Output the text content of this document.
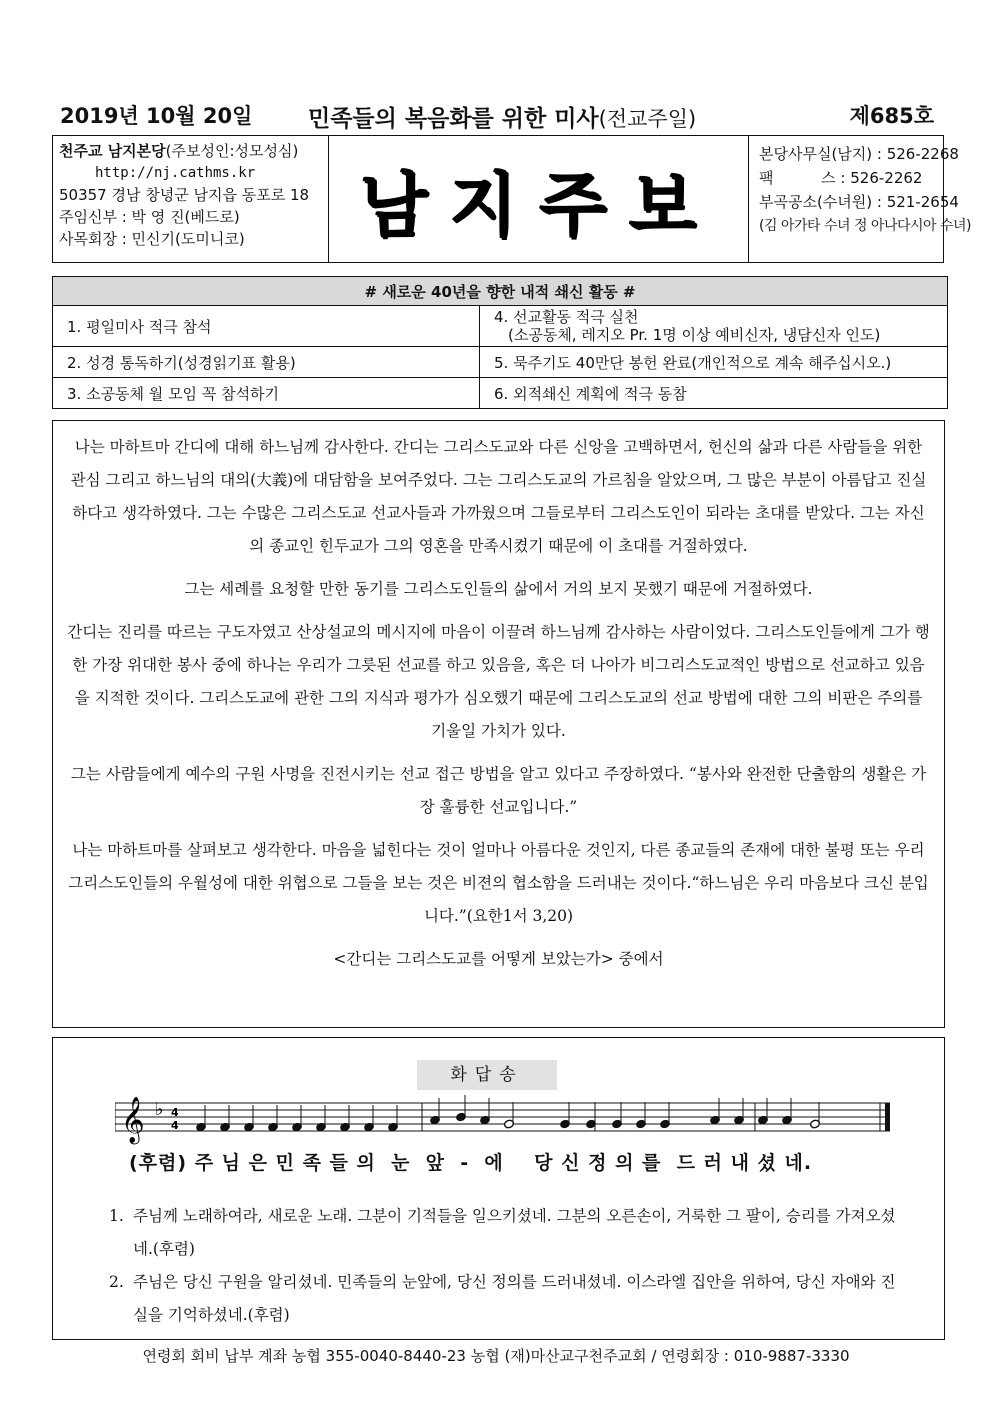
2019년 10월 20일 민족들의 복음화를 위한 미사(전교주일)	제685호
천주교 남지본당(주보성인:성모성심)
http://nj.cathms.kr
50357 경남 창녕군 남지읍 동포로 18
주임신부 : 박 영 진(베드로)
사목회장 : 민신기(도미니코)	남지주보
본당사무실(남지) : 526-2268
팩          스 : 526-2262
부곡공소(수녀원) : 521-2654
(김 아가타 수녀 정 아나다시아 수녀)
# 새로운 40년을 향한 내적 쇄신 활동 #	
1. 평일미사 적극 참석	4. 선교활동 적극 실천
(소공동체, 레지오 Pr. 1명 이상 예비신자, 냉담신자 인도)

2. 성경 통독하기(성경읽기표 활용)	5. 묵주기도 40만단 봉헌 완료(개인적으로 계속 해주십시오.)
3. 소공동체 월 모임 꼭 참석하기	6. 외적쇄신 계획에 적극 동참

나는 마하트마 간디에 대해 하느님께 감사한다. 간디는 그리스도교와 다른 신앙을 고백하면서, 헌신의 삶과 다른 사람들을 위한 관심 그리고 하느님의 대의(大義)에 대담함을 보여주었다. 그는 그리스도교의 가르침을 알았으며, 그 많은 부분이 아름답고 진실하다고 생각하였다. 그는 수많은 그리스도교 선교사들과 가까웠으며 그들로부터 그리스도인이 되라는 초대를 받았다. 그는 자신의 종교인 힌두교가 그의 영혼을 만족시켰기 때문에 이 초대를 거절하였다.

그는 세례를 요청할 만한 동기를 그리스도인들의 삶에서 거의 보지 못했기 때문에 거절하였다.

간디는 진리를 따르는 구도자였고 산상설교의 메시지에 마음이 이끌려 하느님께 감사하는 사람이었다. 그리스도인들에게 그가 행한 가장 위대한 봉사 중에 하나는 우리가 그릇된 선교를 하고 있음을, 혹은 더 나아가 비그리스도교적인 방법으로 선교하고 있음을 지적한 것이다. 그리스도교에 관한 그의 지식과 평가가 심오했기 때문에 그리스도교의 선교 방법에 대한 그의 비판은 주의를 기울일 가치가 있다.

그는 사람들에게 예수의 구원 사명을 진전시키는 선교 접근 방법을 알고 있다고 주장하였다. “봉사와 완전한 단출함의 생활은 가장 훌륭한 선교입니다.”

나는 마하트마를 살펴보고 생각한다. 마음을 넓힌다는 것이 얼마나 아름다운 것인지, 다른 종교들의 존재에 대한 불평 또는 우리 그리스도인들의 우월성에 대한 위협으로 그들을 보는 것은 비젼의 협소함을 드러내는 것이다.“하느님은 우리 마음보다 크신 분입니다.”(요한1서 3,20)

<간디는 그리스도교를 어떻게 보았는가> 중에서

화답송
𝄞 ♭ 4
4
(후렴) 주 님 은 민 족 들 의  눈  앞  -  에    당 신 정 의 를  드 러 내 셨 네.
1. 주님께 노래하여라, 새로운 노래. 그분이 기적들을 일으키셨네. 그분의 오른손이, 거룩한 그 팔이, 승리를 가져오셨네.(후렴)
2. 주님은 당신 구원을 알리셨네. 민족들의 눈앞에, 당신 정의를 드러내셨네. 이스라엘 집안을 위하여, 당신 자애와 진실을 기억하셨네.(후렴)
연령회 회비 납부 계좌 농협 355-0040-8440-23 농협 (재)마산교구천주교회 / 연령회장 : 010-9887-3330
